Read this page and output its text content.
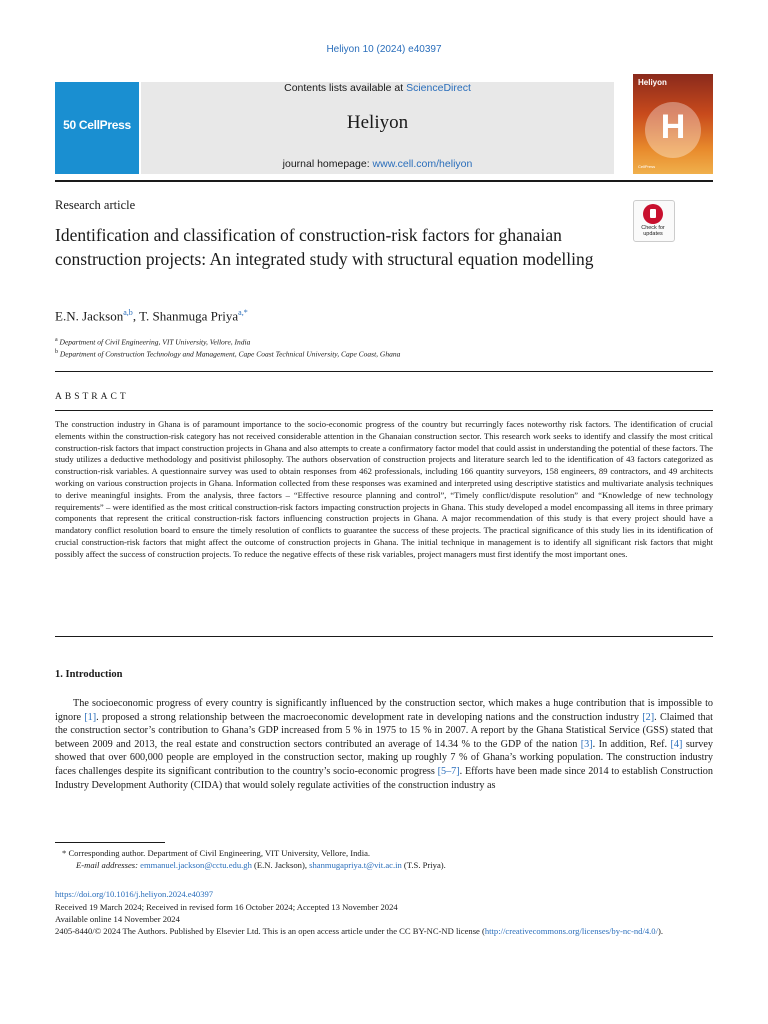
Heliyon 10 (2024) e40397
50 CellPress
Contents lists available at ScienceDirect
Heliyon
journal homepage: www.cell.com/heliyon
Heliyon
H
CellPress
Research article
Identification and classification of construction-risk factors for ghanaian construction projects: An integrated study with structural equation modelling
Check for updates
E.N. Jackson$^{a,b}$, T. Shanmuga Priya$^{a,*}$
$^a$ Department of Civil Engineering, VIT University, Vellore, India
$^b$ Department of Construction Technology and Management, Cape Coast Technical University, Cape Coast, Ghana
ABSTRACT
The construction industry in Ghana is of paramount importance to the socio-economic progress of the country but recurringly faces noteworthy risk factors. The identification of crucial elements within the construction-risk category has not received considerable attention in the Ghanaian construction sector. This research work seeks to identify and classify the most critical construction-risk factors that impact construction projects in Ghana and also attempts to create a confirmatory factor model that could assist in understanding the potential of these factors. The study utilizes a deductive methodology and positivist philosophy. The authors observation of construction projects and literature search led to the identification of 43 factors categorized as construction-risk variables. A questionnaire survey was used to obtain responses from 462 professionals, including 166 quantity surveyors, 158 engineers, 89 contractors, and 49 architects working on various construction projects in Ghana. Information collected from these responses was examined and interpreted using descriptive statistics and multivariate analysis techniques to derive meaningful insights. From the analysis, three factors – “Effective resource planning and control”, “Timely conflict/dispute resolution” and “Knowledge of new technology requirements” – were identified as the most critical construction-risk factors impacting construction projects in Ghana. This study developed a model encompassing all items in three primary components that represent the critical construction-risk factors influencing construction projects in Ghana. A major recommendation of this study is that every project should have a mandatory conflict resolution board to ensure the timely resolution of conflicts to guarantee the success of these projects. The practical significance of this study lies in its identification of crucial construction-risk factors that might affect the outcome of construction projects in Ghana. The initial technique in management is to identify all significant risk factors that might possibly affect the success of construction projects. To reduce the negative effects of these risk variables, project managers must first identify the most important ones.
1. Introduction
The socioeconomic progress of every country is significantly influenced by the construction sector, which makes a huge contribution that is impossible to ignore [1]. proposed a strong relationship between the macroeconomic development rate in developing nations and the construction industry [2]. Claimed that the construction sector’s contribution to Ghana’s GDP increased from 5 % in 1975 to 15 % in 2007. A report by the Ghana Statistical Service (GSS) stated that between 2009 and 2013, the real estate and construction sectors contributed an average of 14.34 % to the GDP of the nation [3]. In addition, Ref. [4] survey showed that over 600,000 people are employed in the construction sector, making up roughly 7 % of Ghana’s working population. The construction industry faces challenges despite its significant contribution to the country’s socio-economic progress [5–7]. Efforts have been made since 2014 to establish Construction Industry Development Authority (CIDA) that would solely regulate activities of the construction industry as
* Corresponding author. Department of Civil Engineering, VIT University, Vellore, India.
E-mail addresses: emmanuel.jackson@cctu.edu.gh (E.N. Jackson), shanmugapriya.t@vit.ac.in (T.S. Priya).
https://doi.org/10.1016/j.heliyon.2024.e40397
Received 19 March 2024; Received in revised form 16 October 2024; Accepted 13 November 2024
Available online 14 November 2024
2405-8440/© 2024 The Authors. Published by Elsevier Ltd. This is an open access article under the CC BY-NC-ND license (http://creativecommons.org/licenses/by-nc-nd/4.0/).
